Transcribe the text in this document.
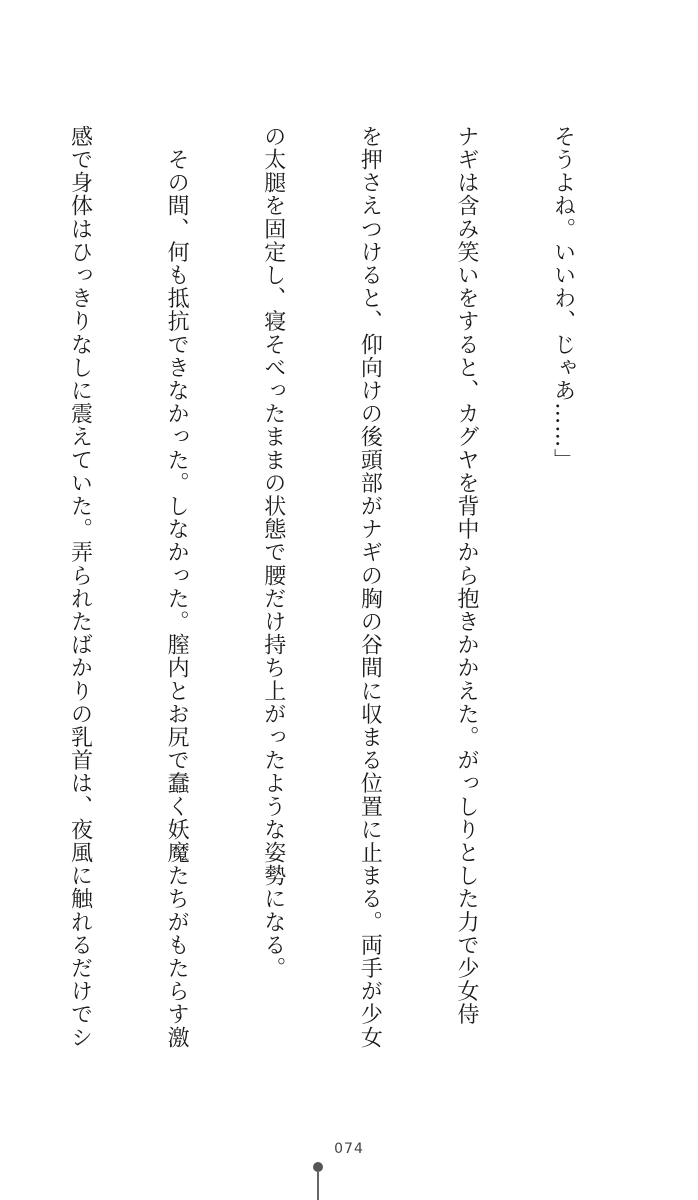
そうよね。いいわ、じゃあ……」

ナギは含み笑いをすると、カグヤを背中から抱きかかえた。がっしりとした力で少女侍

を押さえつけると、仰向けの後頭部がナギの胸の谷間に収まる位置に止まる。両手が少女

の太腿を固定し、寝そべったままの状態で腰だけ持ち上がったような姿勢になる。

　その間、何も抵抗できなかった。しなかった。膣内とお尻で蠢く妖魔たちがもたらす激

感で身体はひっきりなしに震えていた。弄られたばかりの乳首は、夜風に触れるだけでシ

074
